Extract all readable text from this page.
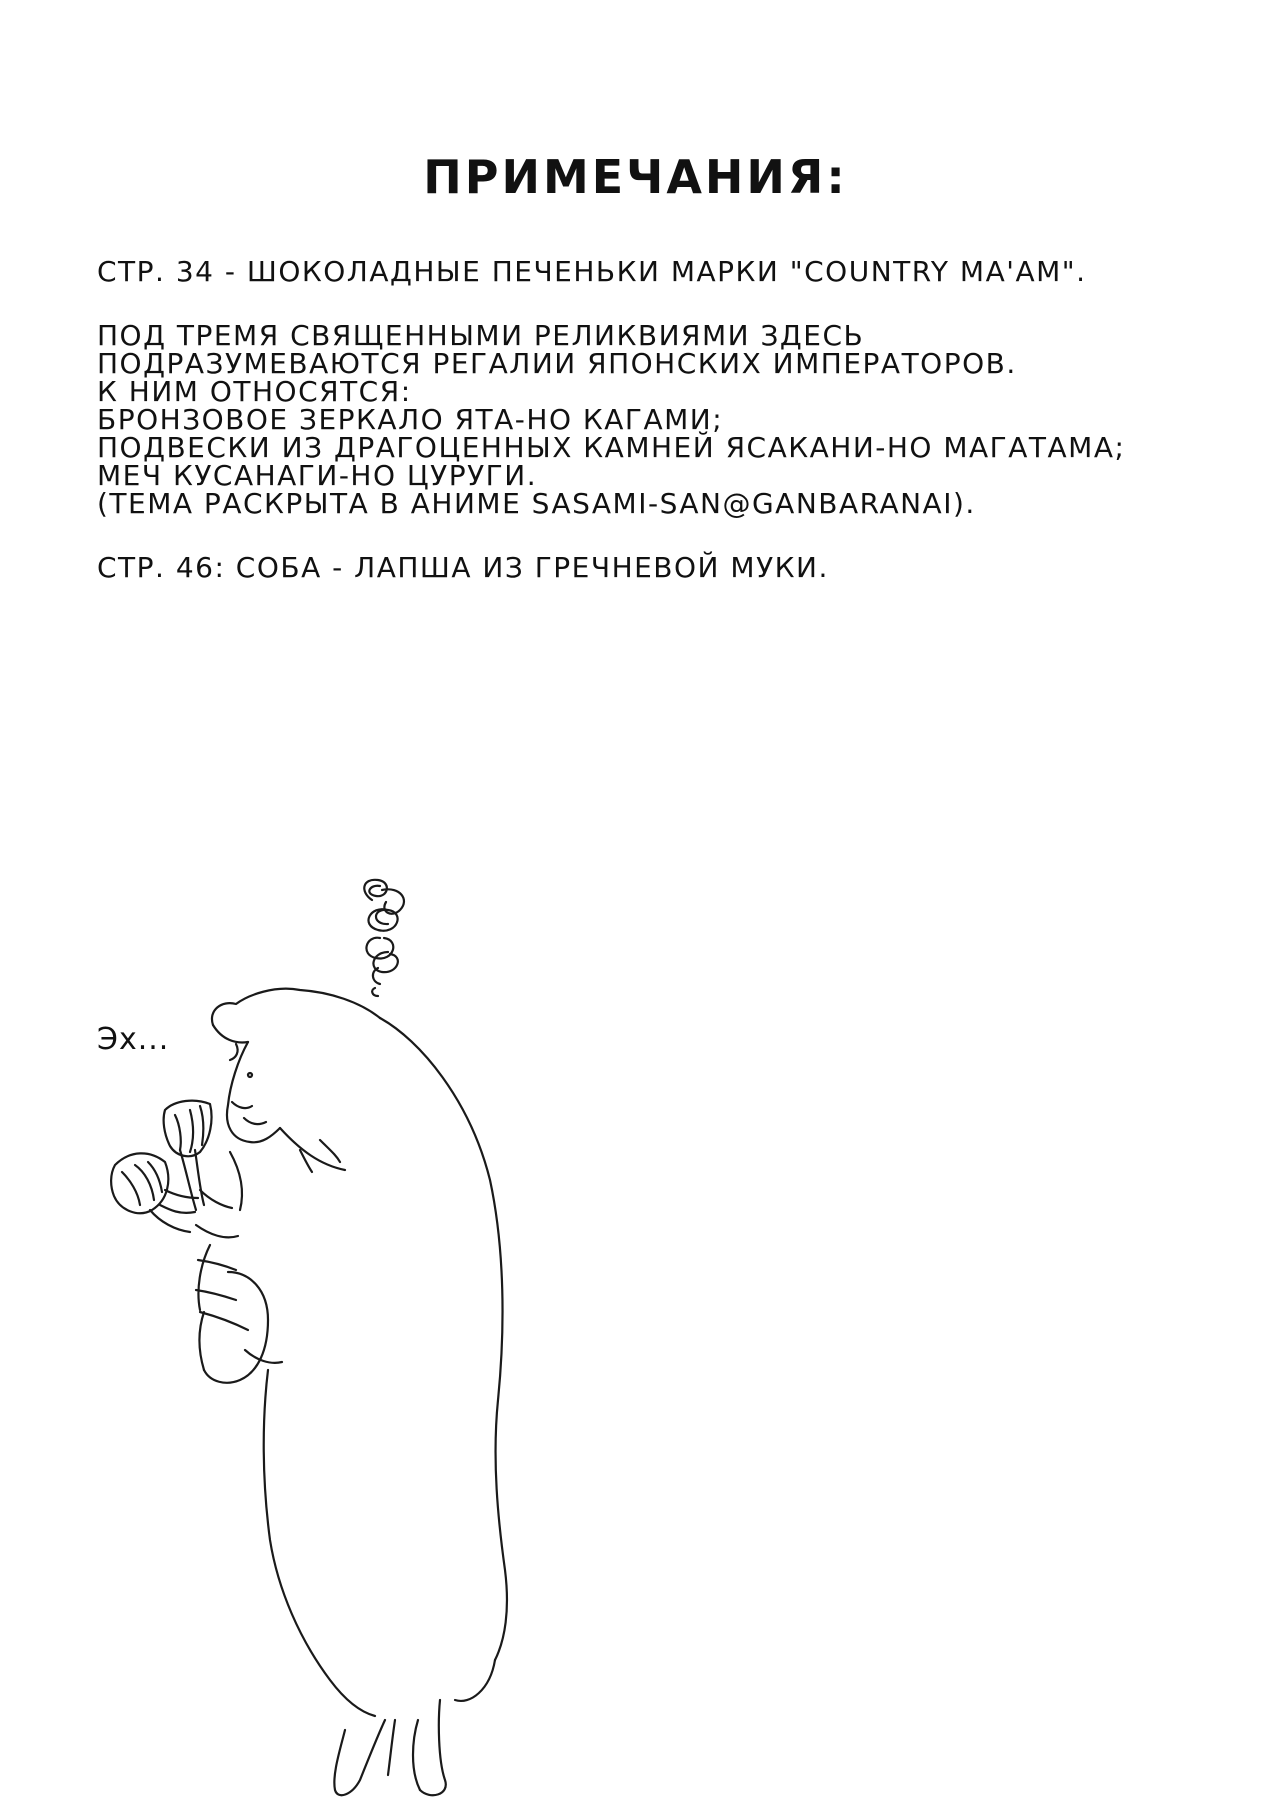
ПРИМЕЧАНИЯ:
СТР. 34 - ШОКОЛАДНЫЕ ПЕЧЕНЬКИ МАРКИ "COUNTRY MA'AM".
ПОД ТРЕМЯ СВЯЩЕННЫМИ РЕЛИКВИЯМИ ЗДЕСЬ
ПОДРАЗУМЕВАЮТСЯ РЕГАЛИИ ЯПОНСКИХ ИМПЕРАТОРОВ.
К НИМ ОТНОСЯТСЯ:
БРОНЗОВОЕ ЗЕРКАЛО ЯТА-НО КАГАМИ;
ПОДВЕСКИ ИЗ ДРАГОЦЕННЫХ КАМНЕЙ ЯСАКАНИ-НО МАГАТАМА;
МЕЧ КУСАНАГИ-НО ЦУРУГИ.
(ТЕМА РАСКРЫТА В АНИМЕ SASAMI-SAN@GANBARANAI).
СТР. 46: СОБА - ЛАПША ИЗ ГРЕЧНЕВОЙ МУКИ.
Эх...
